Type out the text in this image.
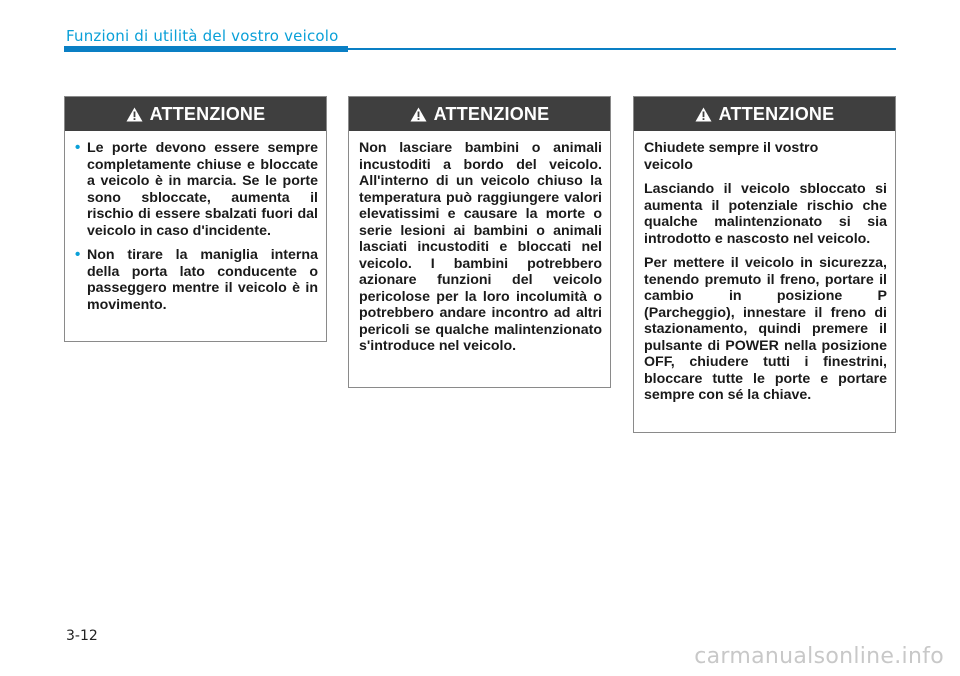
Funzioni di utilità del vostro veicolo
ATTENZIONE
• Le porte devono essere sempre completamente chiuse e bloccate a veicolo è in marcia. Se le porte sono sbloccate, aumenta il rischio di essere sbalzati fuori dal veicolo in caso d'incidente.
• Non tirare la maniglia interna della porta lato conducente o passeggero mentre il veicolo è in movimento.
ATTENZIONE

Non lasciare bambini o animali incustoditi a bordo del veicolo. All'interno di un veicolo chiuso la temperatura può raggiungere valori elevatissimi e causare la morte o serie lesioni ai bambini o animali lasciati incustoditi e bloccati nel veicolo. I bambini potrebbero azionare funzioni del veicolo pericolose per la loro incolumità o potrebbero andare incontro ad altri pericoli se qualche malintenzionato s'introduce nel veicolo.

ATTENZIONE

Chiudete sempre il vostro veicolo

Lasciando il veicolo sbloccato si aumenta il potenziale rischio che qualche malintenzionato si sia introdotto e nascosto nel veicolo.

Per mettere il veicolo in sicurezza, tenendo premuto il freno, portare il cambio in posizione P (Parcheggio), innestare il freno di stazionamento, quindi premere il pulsante di POWER nella posizione OFF, chiudere tutti i finestrini, bloccare tutte le porte e portare sempre con sé la chiave.

3-12
carmanualsonline.info
